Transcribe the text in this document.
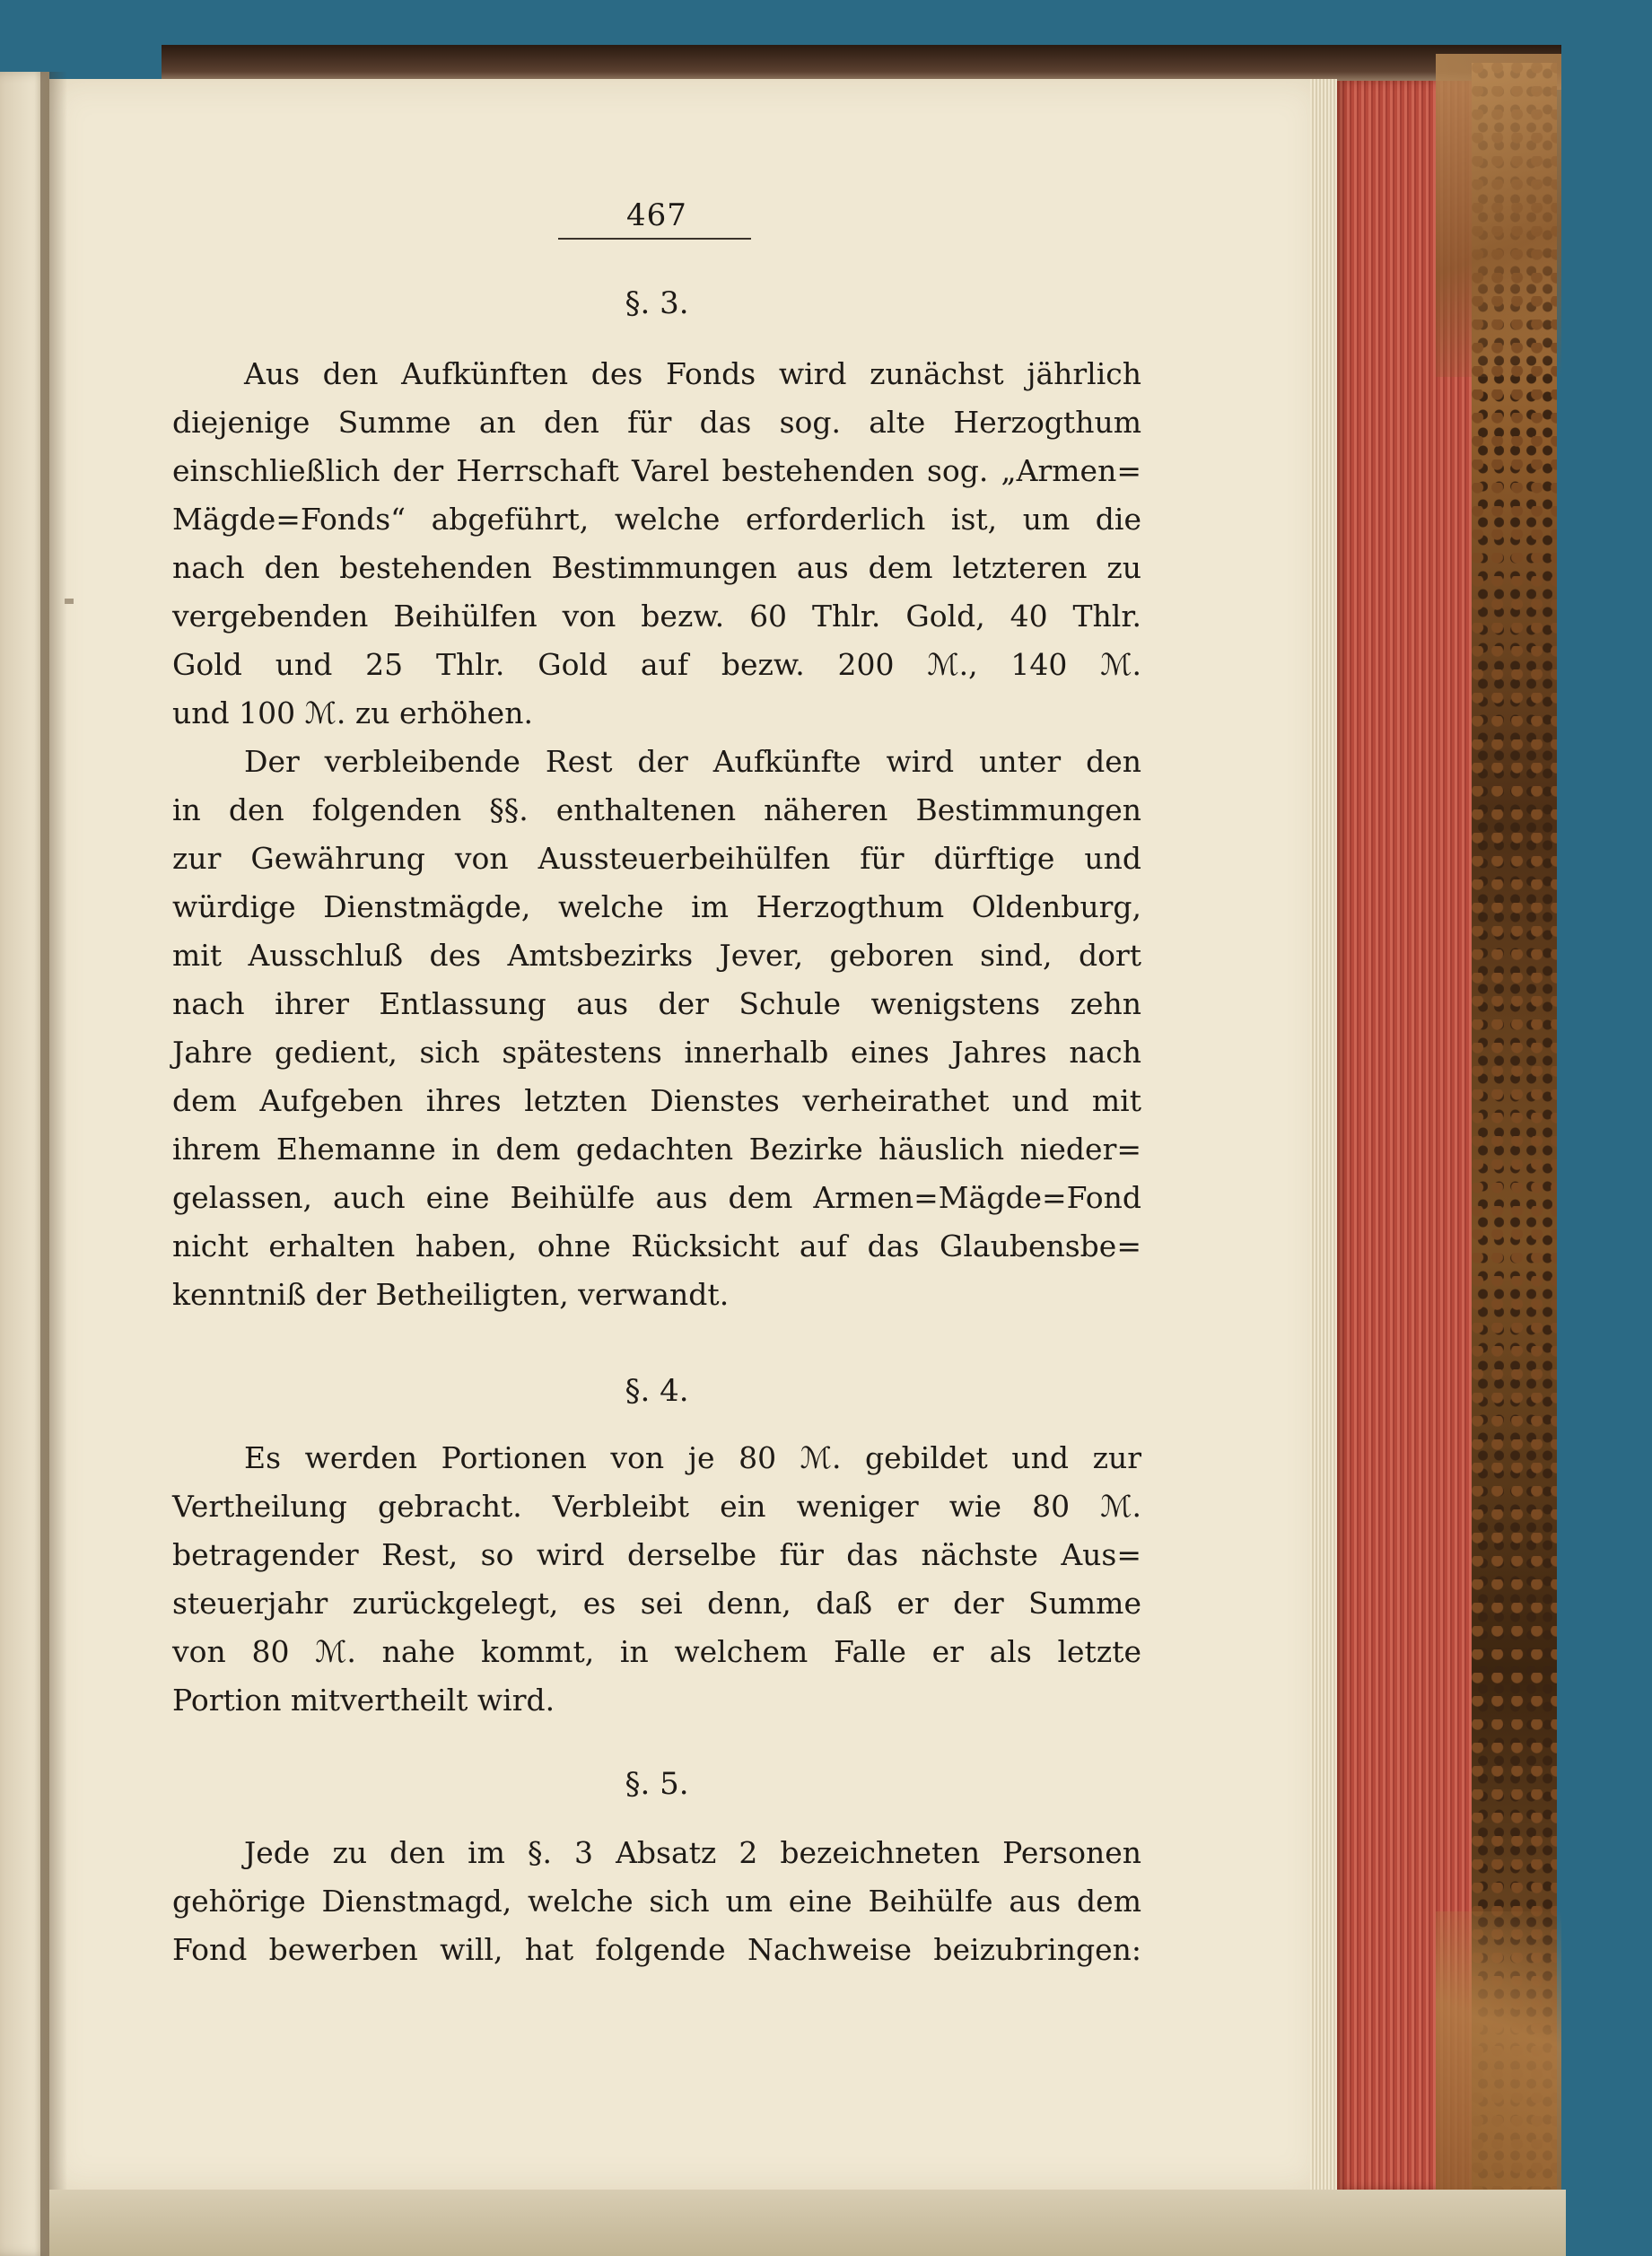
467
§. 3.
Aus den Aufkünften des Fonds wird zunächst jährlich
diejenige Summe an den für das sog. alte Herzogthum
einschließlich der Herrschaft Varel bestehenden sog. „Armen=
Mägde=Fonds“ abgeführt, welche erforderlich ist, um die
nach den bestehenden Bestimmungen aus dem letzteren zu
vergebenden Beihülfen von bezw. 60 Thlr. Gold, 40 Thlr.
Gold und 25 Thlr. Gold auf bezw. 200 ℳ., 140 ℳ.
und 100 ℳ. zu erhöhen.
Der verbleibende Rest der Aufkünfte wird unter den
in den folgenden §§. enthaltenen näheren Bestimmungen
zur Gewährung von Aussteuerbeihülfen für dürftige und
würdige Dienstmägde, welche im Herzogthum Oldenburg,
mit Ausschluß des Amtsbezirks Jever, geboren sind, dort
nach ihrer Entlassung aus der Schule wenigstens zehn
Jahre gedient, sich spätestens innerhalb eines Jahres nach
dem Aufgeben ihres letzten Dienstes verheirathet und mit
ihrem Ehemanne in dem gedachten Bezirke häuslich nieder=
gelassen, auch eine Beihülfe aus dem Armen=Mägde=Fond
nicht erhalten haben, ohne Rücksicht auf das Glaubensbe=
kenntniß der Betheiligten, verwandt.
§. 4.
Es werden Portionen von je 80 ℳ. gebildet und zur
Vertheilung gebracht. Verbleibt ein weniger wie 80 ℳ.
betragender Rest, so wird derselbe für das nächste Aus=
steuerjahr zurückgelegt, es sei denn, daß er der Summe
von 80 ℳ. nahe kommt, in welchem Falle er als letzte
Portion mitvertheilt wird.
§. 5.
Jede zu den im §. 3 Absatz 2 bezeichneten Personen
gehörige Dienstmagd, welche sich um eine Beihülfe aus dem
Fond bewerben will, hat folgende Nachweise beizubringen:
